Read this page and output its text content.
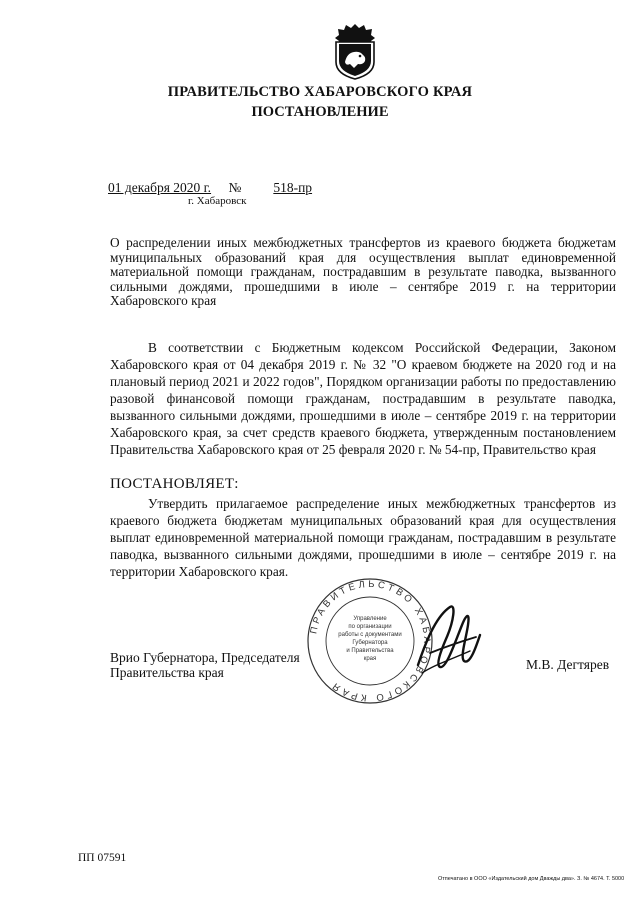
ПРАВИТЕЛЬСТВО ХАБАРОВСКОГО КРАЯ
ПОСТАНОВЛЕНИЕ
01 декабря 2020 г. № 518-пр
г. Хабаровск

О распределении иных межбюджетных трансфертов из краевого бюджета бюджетам муниципальных образований края для осуществления выплат единовременной материальной помощи гражданам, пострадавшим в результате паводка, вызванного сильными дождями, прошедшими в июле – сентябре 2019 г. на территории Хабаровского края

В соответствии с Бюджетным кодексом Российской Федерации, Законом Хабаровского края от 04 декабря 2019 г. № 32 "О краевом бюджете на 2020 год и на плановый период 2021 и 2022 годов", Порядком организации работы по предоставлению разовой финансовой помощи гражданам, пострадавшим в результате паводка, вызванного сильными дождями, прошедшими в июле – сентябре 2019 г. на территории Хабаровского края, за счет средств краевого бюджета, утвержденным постановлением Правительства Хабаровского края от 25 февраля 2020 г. № 54-пр, Правительство края

ПОСТАНОВЛЯЕТ:

Утвердить прилагаемое распределение иных межбюджетных трансфертов из краевого бюджета бюджетам муниципальных образований края для осуществления выплат единовременной материальной помощи гражданам, пострадавшим в результате паводка, вызванного сильными дождями, прошедшими в июле – сентябре 2019 г. на территории Хабаровского края.

ПРАВИТЕЛЬСТВО ХАБАРОВСКОГО КРАЯ
Управление
по организации
работы с документами
Губернатора
и Правительства
края
Врио Губернатора, Председателя
Правительства края
М.В. Дегтярев
ПП 07591
Отпечатано в ООО «Издательский дом Дважды два». З. № 4674. Т. 5000
